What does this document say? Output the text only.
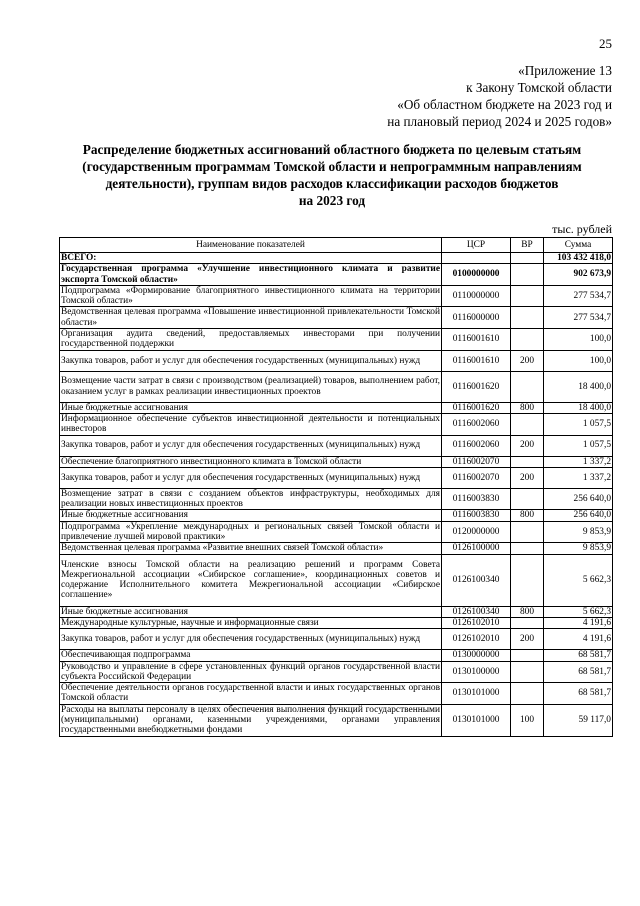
25
«Приложение 13
к Закону Томской области
«Об областном бюджете на 2023 год и
на плановый период 2024 и 2025 годов»
Распределение бюджетных ассигнований областного бюджета по целевым статьям
(государственным программам Томской области и непрограммным направлениям
деятельности), группам видов расходов классификации расходов бюджетов
на 2023 год
тыс. рублей
Наименование показателей	ЦСР	ВР	Сумма
ВСЕГО:			103 432 418,0
Государственная программа «Улучшение инвестиционного климата и развитие экспорта Томской области»	0100000000		902 673,9
Подпрограмма «Формирование благоприятного инвестиционного климата на территории Томской области»	0110000000		277 534,7
Ведомственная целевая программа «Повышение инвестиционной привлекательности Томской области»	0116000000		277 534,7
Организация аудита сведений, предоставляемых инвесторами при получении государственной поддержки	0116001610		100,0
Закупка товаров, работ и услуг для обеспечения государственных (муниципальных) нужд	0116001610	200	100,0
Возмещение части затрат в связи с производством (реализацией) товаров, выполнением работ, оказанием услуг в рамках реализации инвестиционных проектов	0116001620		18 400,0
Иные бюджетные ассигнования	0116001620	800	18 400,0
Информационное обеспечение субъектов инвестиционной деятельности и потенциальных инвесторов	0116002060		1 057,5
Закупка товаров, работ и услуг для обеспечения государственных (муниципальных) нужд	0116002060	200	1 057,5
Обеспечение благоприятного инвестиционного климата в Томской области	0116002070		1 337,2
Закупка товаров, работ и услуг для обеспечения государственных (муниципальных) нужд	0116002070	200	1 337,2
Возмещение затрат в связи с созданием объектов инфраструктуры, необходимых для реализации новых инвестиционных проектов	0116003830		256 640,0
Иные бюджетные ассигнования	0116003830	800	256 640,0
Подпрограмма «Укрепление международных и региональных связей Томской области и привлечение лучшей мировой практики»	0120000000		9 853,9
Ведомственная целевая программа «Развитие внешних связей Томской области»	0126100000		9 853,9
Членские взносы Томской области на реализацию решений и программ Совета Межрегиональной ассоциации «Сибирское соглашение», координационных советов и содержание Исполнительного комитета Межрегиональной ассоциации «Сибирское соглашение»	0126100340		5 662,3
Иные бюджетные ассигнования	0126100340	800	5 662,3
Международные культурные, научные и информационные связи	0126102010		4 191,6
Закупка товаров, работ и услуг для обеспечения государственных (муниципальных) нужд	0126102010	200	4 191,6
Обеспечивающая подпрограмма	0130000000		68 581,7
Руководство и управление в сфере установленных функций органов государственной власти субъекта Российской Федерации	0130100000		68 581,7
Обеспечение деятельности органов государственной власти и иных государственных органов Томской области	0130101000		68 581,7
Расходы на выплаты персоналу в целях обеспечения выполнения функций государственными (муниципальными) органами, казенными учреждениями, органами управления государственными внебюджетными фондами	0130101000	100	59 117,0
